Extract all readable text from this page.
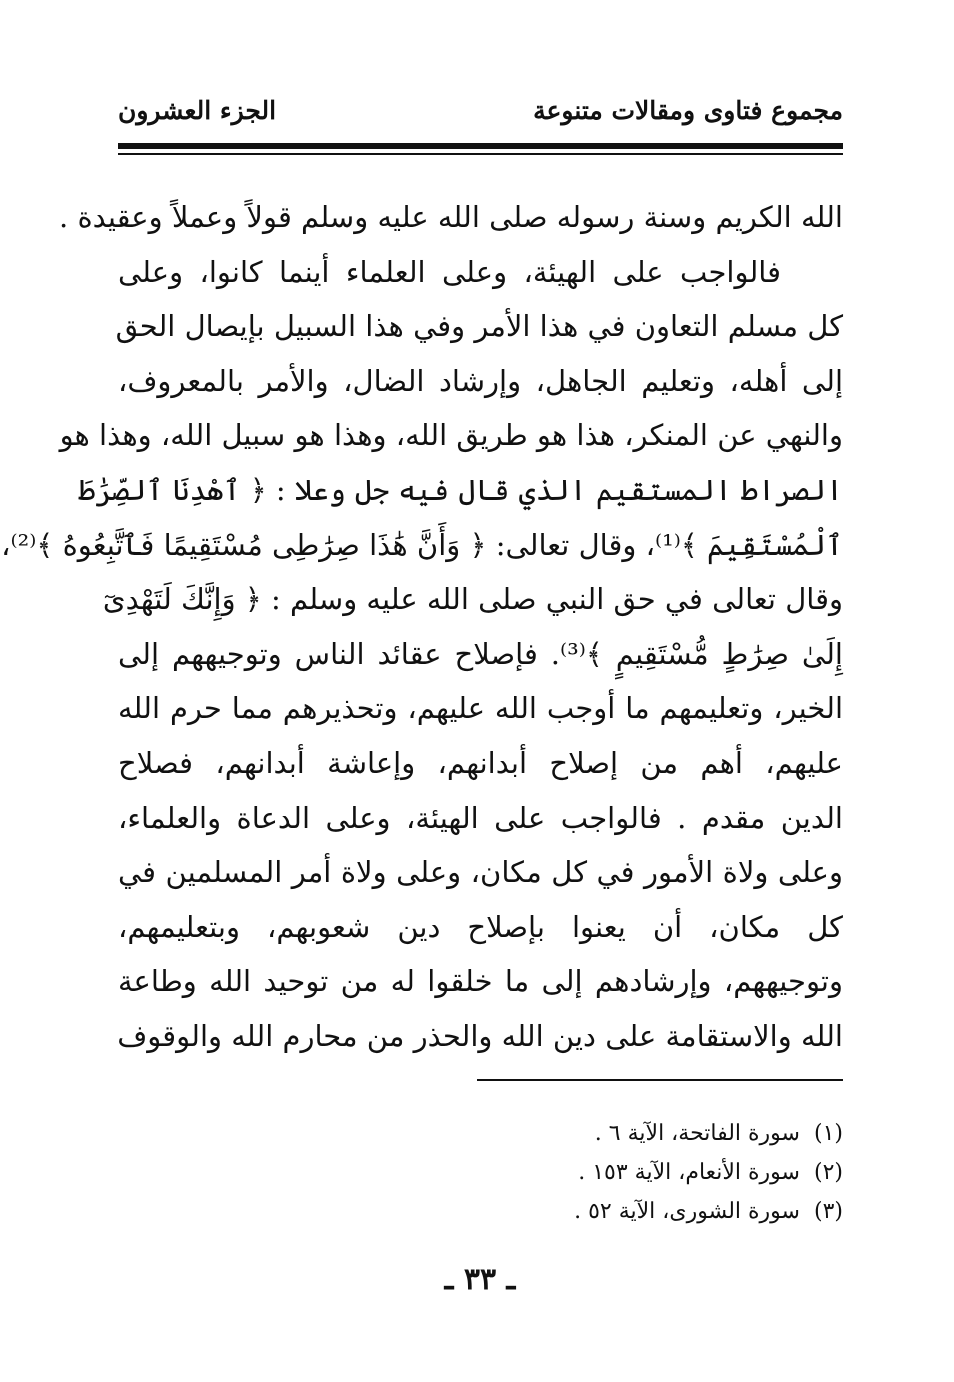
مجموع فتاوى ومقالات متنوعة
الجزء العشرون
الله الكريم وسنة رسوله صلى الله عليه وسلم قولاً وعملاً وعقيدة .
فالواجب على الهيئة، وعلى العلماء أينما كانوا، وعلى
كل مسلم التعاون في هذا الأمر وفي هذا السبيل بإيصال الحق
إلى أهله، وتعليم الجاهل، وإرشاد الضال، والأمر بالمعروف،
والنهي عن المنكر، هذا هو طريق الله، وهذا هو سبيل الله، وهذا هو
الصراط المستقيم الذي قال فيه جل وعلا : ﴿ ٱهْدِنَا ٱلصِّرَٰطَ
ٱلْمُسْتَقِيمَ ﴾⁽¹⁾، وقال تعالى: ﴿ وَأَنَّ هَٰذَا صِرَٰطِى مُسْتَقِيمًا فَٱتَّبِعُوهُ ﴾⁽²⁾،
وقال تعالى في حق النبي صلى الله عليه وسلم : ﴿ وَإِنَّكَ لَتَهْدِىٓ
إِلَىٰ صِرَٰطٍ مُّسْتَقِيمٍ ﴾⁽³⁾. فإصلاح عقائد الناس وتوجيههم إلى
الخير، وتعليمهم ما أوجب الله عليهم، وتحذيرهم مما حرم الله
عليهم، أهم من إصلاح أبدانهم، وإعاشة أبدانهم، فصلاح
الدين مقدم . فالواجب على الهيئة، وعلى الدعاة والعلماء،
وعلى ولاة الأمور في كل مكان، وعلى ولاة أمر المسلمين في
كل مكان، أن يعنوا بإصلاح دين شعوبهم، وبتعليمهم،
وتوجيههم، وإرشادهم إلى ما خلقوا له من توحيد الله وطاعة
الله والاستقامة على دين الله والحذر من محارم الله والوقوف
(١)سورة الفاتحة، الآية ٦ .
(٢)سورة الأنعام، الآية ١٥٣ .
(٣)سورة الشورى، الآية ٥٢ .
ـ ٣٣ ـ
